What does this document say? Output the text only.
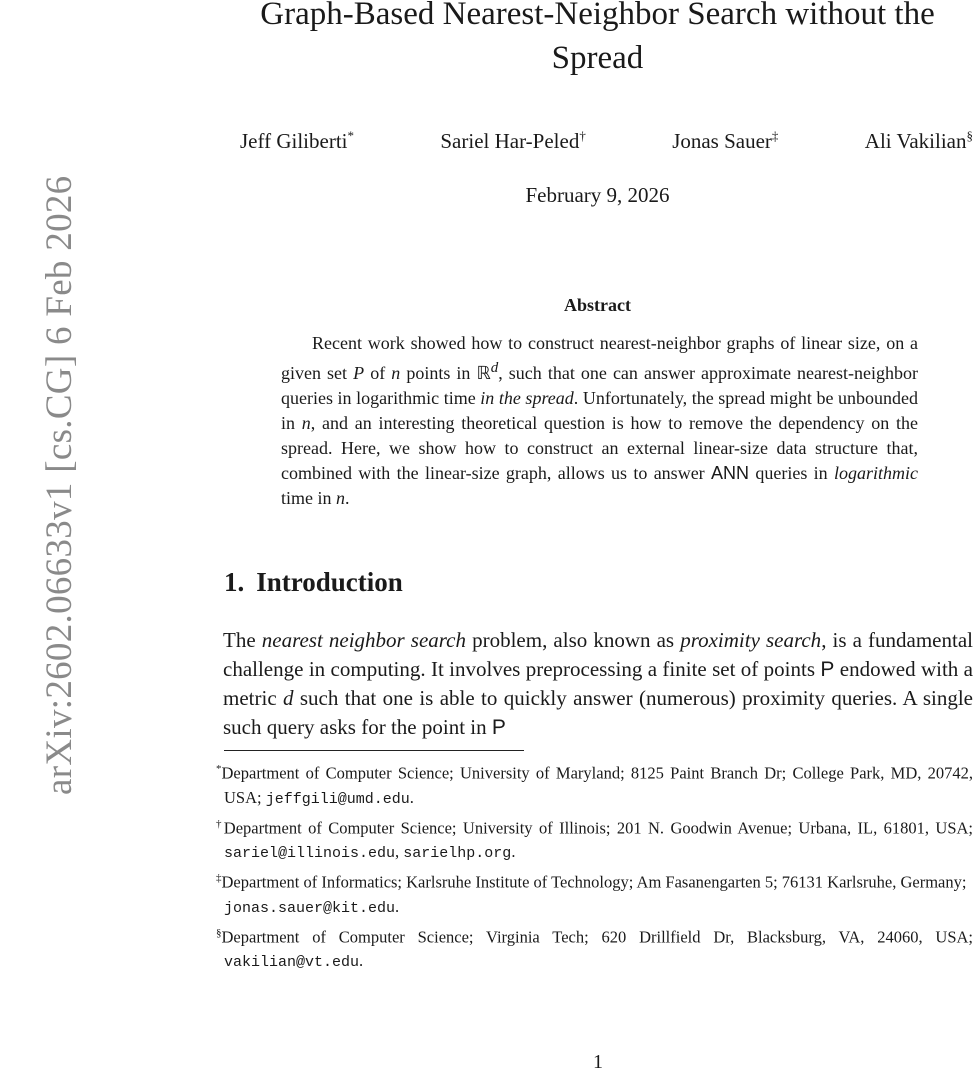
arXiv:2602.06633v1 [cs.CG] 6 Feb 2026
Graph-Based Nearest-Neighbor Search without the Spread
Jeff Giliberti*	Sariel Har-Peled†	Jonas Sauer‡	Ali Vakilian§
February 9, 2026
Abstract

Recent work showed how to construct nearest-neighbor graphs of linear size, on a given set P of n points in ℝ$^d$, such that one can answer approximate nearest-neighbor queries in logarithmic time in the spread. Unfortunately, the spread might be unbounded in n, and an interesting theoretical question is how to remove the dependency on the spread. Here, we show how to construct an external linear-size data structure that, combined with the linear-size graph, allows us to answer ANN queries in logarithmic time in n.

1. Introduction

The nearest neighbor search problem, also known as proximity search, is a fundamental challenge in computing. It involves preprocessing a finite set of points P endowed with a metric d such that one is able to quickly answer (numerous) proximity queries. A single such query asks for the point in P

*Department of Computer Science; University of Maryland; 8125 Paint Branch Dr; College Park, MD, 20742, USA; jeffgili@umd.edu.
†Department of Computer Science; University of Illinois; 201 N. Goodwin Avenue; Urbana, IL, 61801, USA; sariel@illinois.edu, sarielhp.org.
‡Department of Informatics; Karlsruhe Institute of Technology; Am Fasanengarten 5; 76131 Karlsruhe, Germany;
jonas.sauer@kit.edu.
§Department of Computer Science; Virginia Tech; 620 Drillfield Dr, Blacksburg, VA, 24060, USA; vakilian@vt.edu.
1
